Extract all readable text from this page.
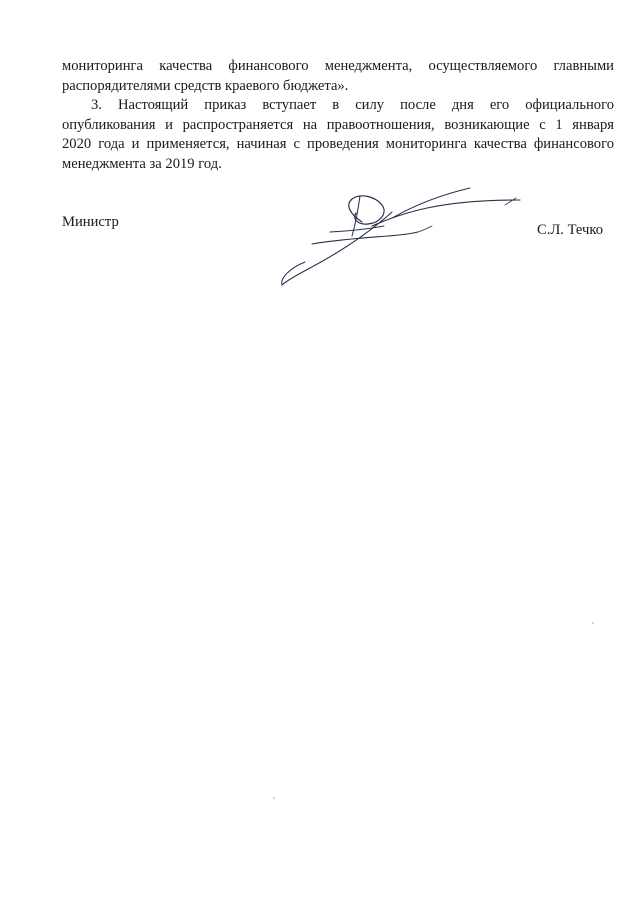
мониторинга качества финансового менеджмента, осуществляемого главными
распорядителями средств краевого бюджета».
3. Настоящий приказ вступает в силу после дня его официального
опубликования и распространяется на правоотношения, возникающие с 1 января
2020 года и применяется, начиная с проведения мониторинга качества финансового
менеджмента за 2019 год.
Министр	С.Л. Течко
